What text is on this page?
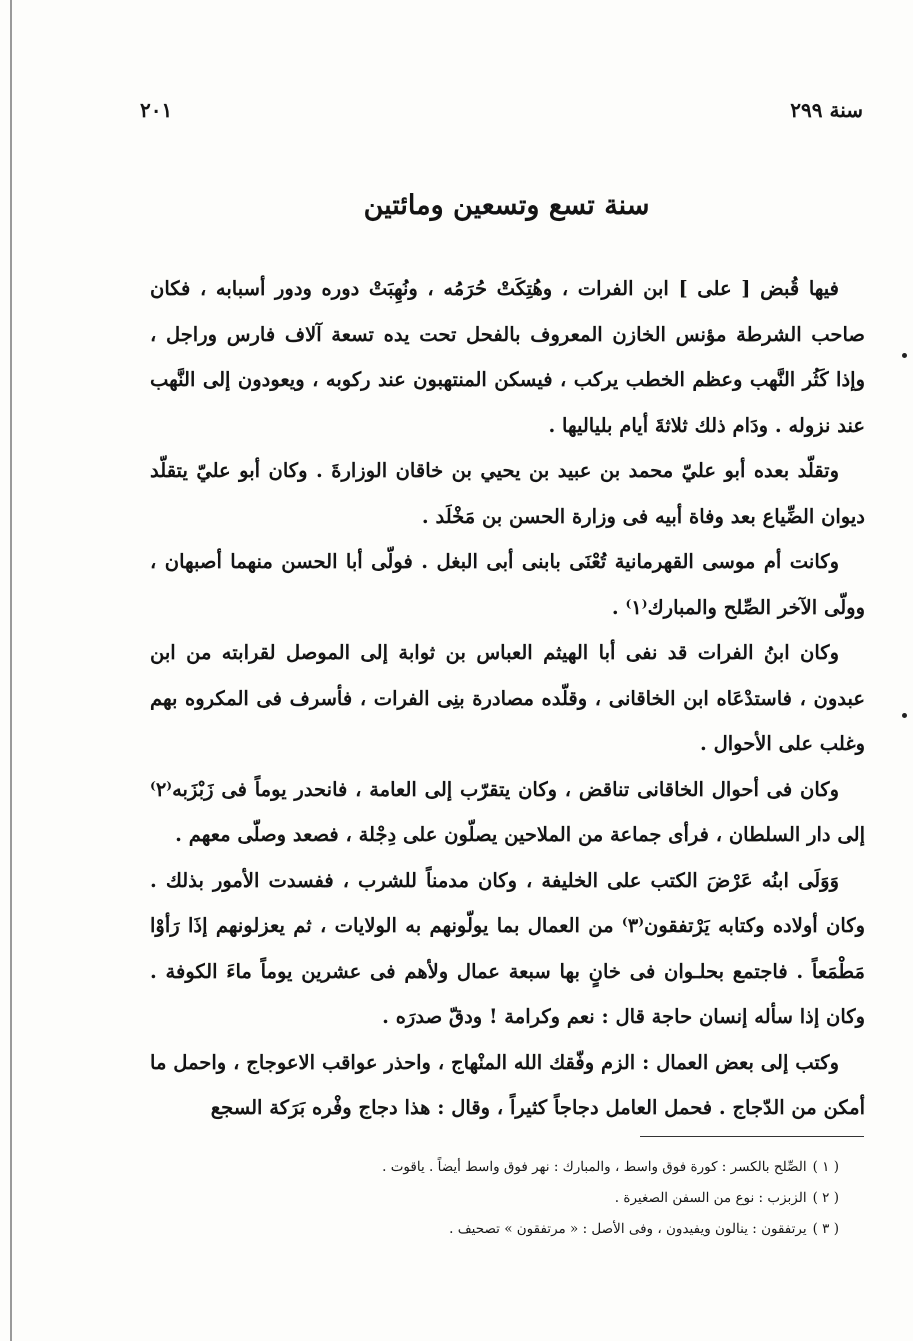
سنة ٢٩٩
٢٠١
سنة تسع وتسعين ومائتين

فيها قُبض [ على ] ابن الفرات ، وهُتِكَتْ حُرَمُه ، ونُهِبَتْ دوره ودور أسبابه ، فكان صاحب الشرطة مؤنس الخازن المعروف بالفحل تحت يده تسعة آلاف فارس وراجل ، وإذا كَثُر النَّهب وعظم الخطب يركب ، فيسكن المنتهبون عند ركوبه ، ويعودون إلى النَّهب عند نزوله . ودَام ذلك ثلاثةَ أيام بلياليها .

وتقلّد بعده أبو عليّ محمد بن عبيد بن يحيي بن خاقان الوزارةَ . وكان أبو عليّ يتقلّد ديوان الضِّياع بعد وفاة أبيه فى وزارة الحسن بن مَخْلَد .

وكانت أم موسى القهرمانية تُعْنَى بابنى أبى البغل . فولّى أبا الحسن منهما أصبهان ، وولّى الآخر الصِّلح والمبارك⁽١⁾ .

وكان ابنُ الفرات قد نفى أبا الهيثم العباس بن ثوابة إلى الموصل لقرابته من ابن عبدون ، فاستدْعَاه ابن الخاقانى ، وقلّده مصادرة بنِى الفرات ، فأسرف فى المكروه بهم وغلب على الأحوال .

وكان فى أحوال الخاقانى تناقض ، وكان يتقرّب إلى العامة ، فانحدر يوماً فى زَبْزَبه⁽٢⁾ إلى دار السلطان ، فرأى جماعة من الملاحين يصلّون على دِجْلة ، فصعد وصلّى معهم .

وَوَلَى ابنُه عَرْضَ الكتب على الخليفة ، وكان مدمناً للشرب ، ففسدت الأمور بذلك . وكان أولاده وكتابه يَرْتفقون⁽٣⁾ من العمال بما يولّونهم به الولايات ، ثم يعزلونهم إذَا رَأوْا مَطْمَعاً . فاجتمع بحلـوان فى خانٍ بها سبعة عمال ولأهم فى عشرين يوماً ماءَ الكوفة . وكان إذا سأله إنسان حاجة قال : نعم وكرامة ! ودقّ صدرَه .

وكتب إلى بعض العمال : الزم وفّقك الله المنْهاج ، واحذر عواقب الاعوجاج ، واحمل ما أمكن من الدّجاج . فحمل العامل دجاجاً كثيراً ، وقال : هذا دجاج وفْره بَرَكة السجع

( ١ )الصِّلح بالكسر : كورة فوق واسط ، والمبارك : نهر فوق واسط أيضاً . ياقوت .
( ٢ )الزبزب : نوع من السفن الصغيرة .
( ٣ )يرتفقون : ينالون ويفيدون ، وفى الأصل : « مرتفقون » تصحيف .
